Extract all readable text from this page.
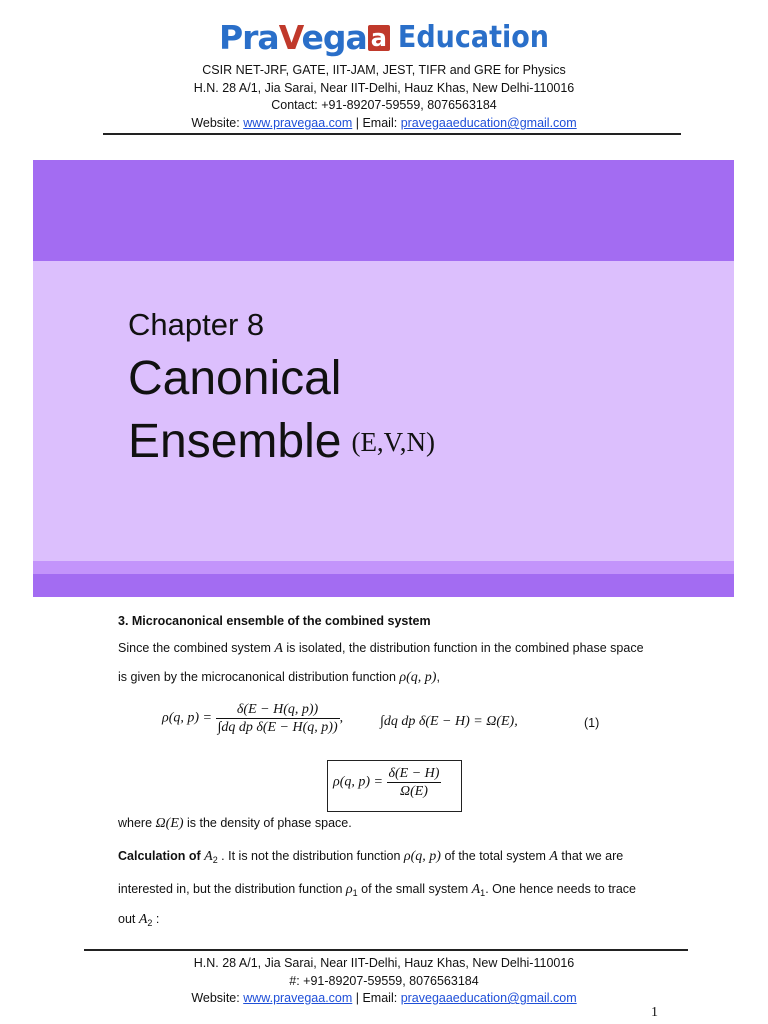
PraVega a Education
CSIR NET-JRF, GATE, IIT-JAM, JEST, TIFR and GRE for Physics
H.N. 28 A/1, Jia Sarai, Near IIT-Delhi, Hauz Khas, New Delhi-110016
Contact: +91-89207-59559, 8076563184
Website: www.pravegaa.com | Email: pravegaaeducation@gmail.com
Chapter 8
Canonical
Ensemble (E,V,N)
3. Microcanonical ensemble of the combined system
Since the combined system A is isolated, the distribution function in the combined phase space
is given by the microcanonical distribution function ρ(q, p),
ρ(q, $p) = \frac{\delta(E - H(q, p))}{\text{∫dq dp δ(E − H(q, p))}}$ ,	∫dq dp δ(E − H) = Ω(E),	(1)
ρ(q, $p) = \frac{\delta(E - H)}{\Omega(E)}$
where Ω(E) is the density of phase space.
Calculation of $A_2$ . It is not the distribution function ρ(q, p) of the total system A that we are
interested in, but the distribution function $\rho_1$ of the small system $A_1$. One hence needs to trace
out $A_2$ :
H.N. 28 A/1, Jia Sarai, Near IIT-Delhi, Hauz Khas, New Delhi-110016
#: +91-89207-59559, 8076563184
Website: www.pravegaa.com | Email: pravegaaeducation@gmail.com
1
